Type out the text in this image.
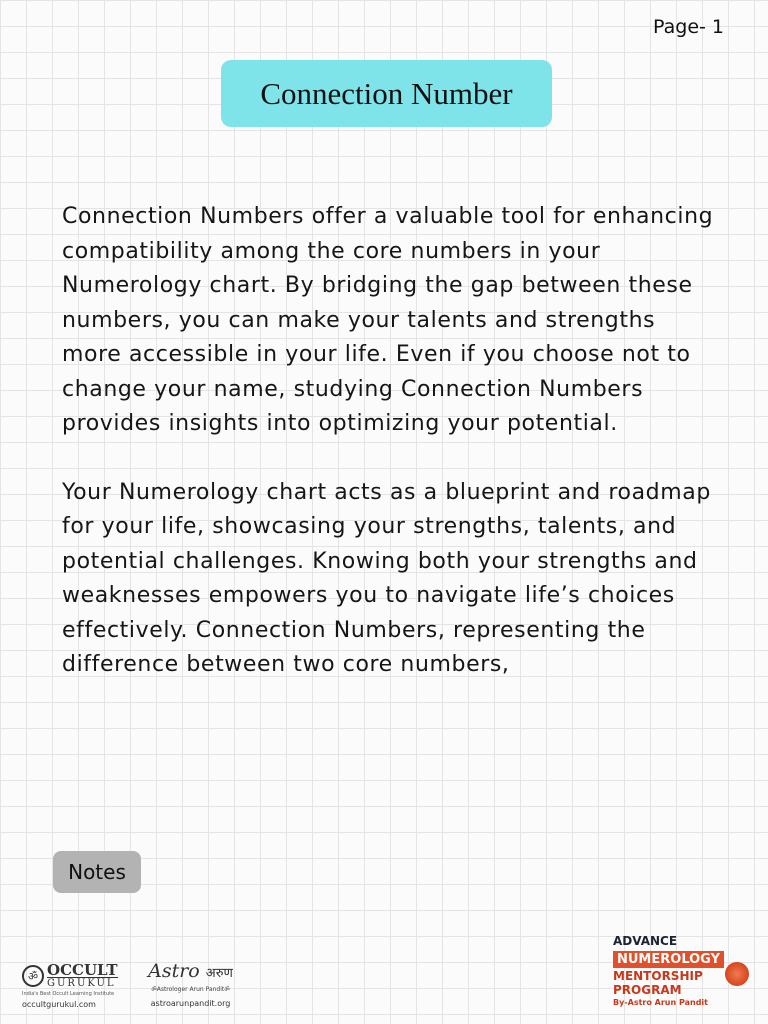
Page- 1
Connection Number

Connection Numbers offer a valuable tool for enhancing compatibility among the core numbers in your Numerology chart. By bridging the gap between these numbers, you can make your talents and strengths more accessible in your life. Even if you choose not to change your name, studying Connection Numbers provides insights into optimizing your potential.

Your Numerology chart acts as a blueprint and roadmap for your life, showcasing your strengths, talents, and potential challenges. Knowing both your strengths and weaknesses empowers you to navigate life’s choices effectively. Connection Numbers, representing the difference between two core numbers,

Notes
ॐ OCCULT
GURUKUL
India's Best Occult Learning Institute
occultgurukul.com
Astro अरुण
ॐAstrologer Arun Panditॐ
astroarunpandit.org
ADVANCE
NUMEROLOGY
MENTORSHIP
PROGRAM
By-Astro Arun Pandit
